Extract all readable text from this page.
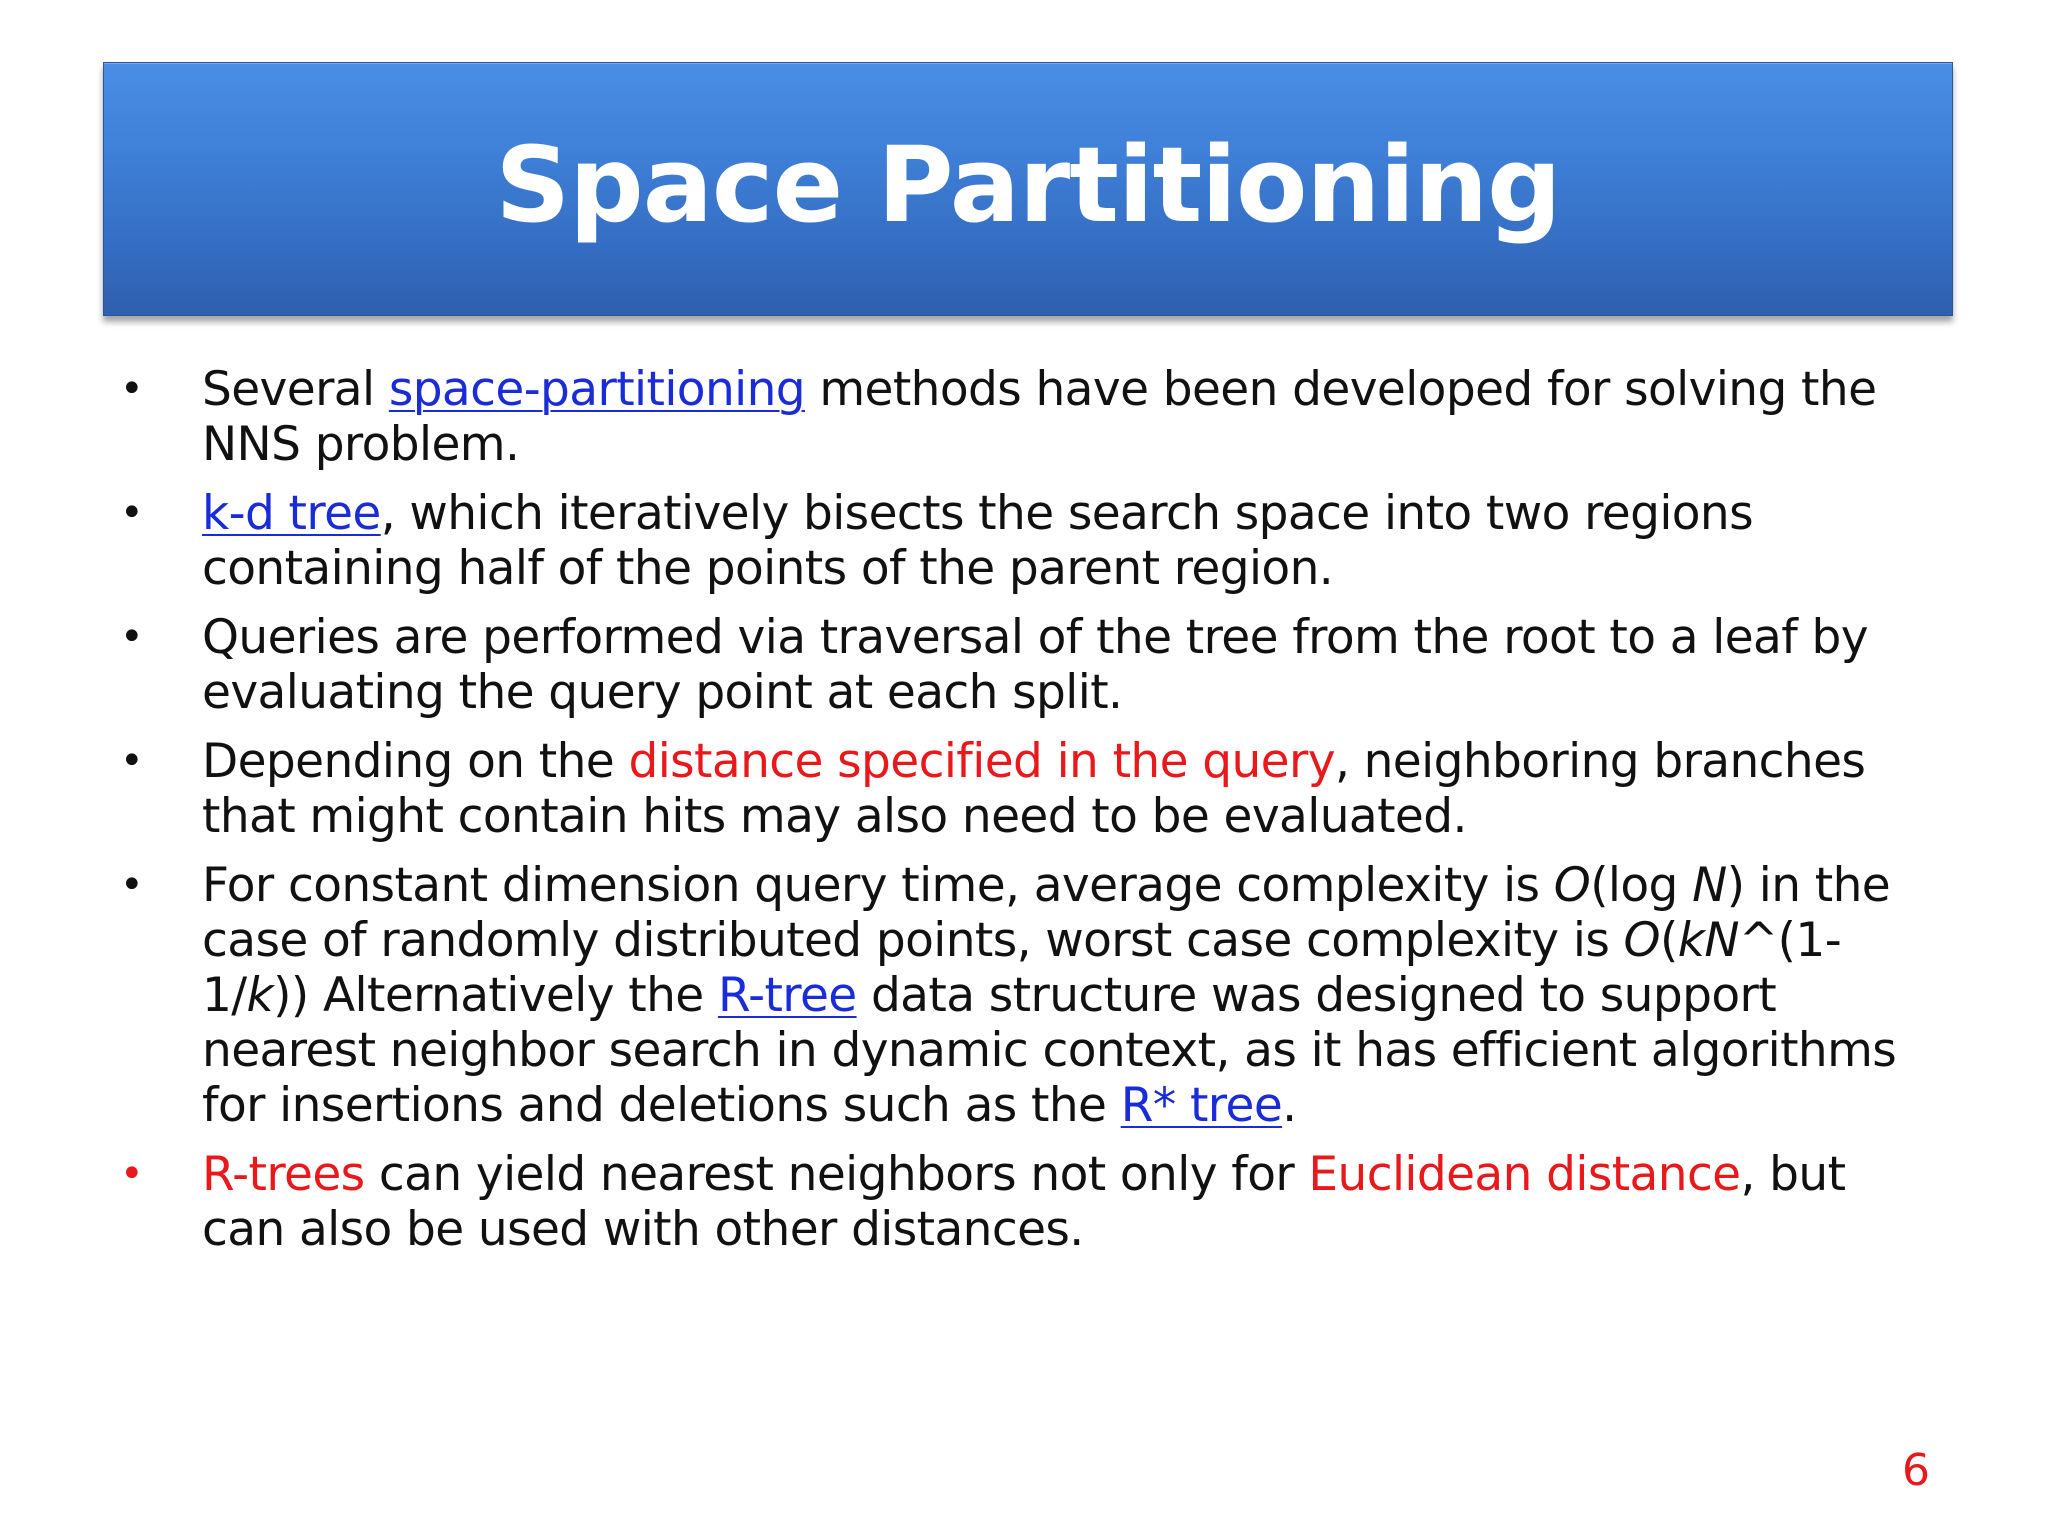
Space Partitioning
• Several space-partitioning methods have been developed for solving the NNS problem.
• k-d tree, which iteratively bisects the search space into two regions containing half of the points of the parent region.
• Queries are performed via traversal of the tree from the root to a leaf by evaluating the query point at each split.
• Depending on the distance specified in the query, neighboring branches that might contain hits may also need to be evaluated.
• For constant dimension query time, average complexity is O(log N) in the case of randomly distributed points, worst case complexity is O(kN^(1-1/k)) Alternatively the R-tree data structure was designed to support nearest neighbor search in dynamic context, as it has efficient algorithms for insertions and deletions such as the R* tree.
• R-trees can yield nearest neighbors not only for Euclidean distance, but can also be used with other distances.
6
